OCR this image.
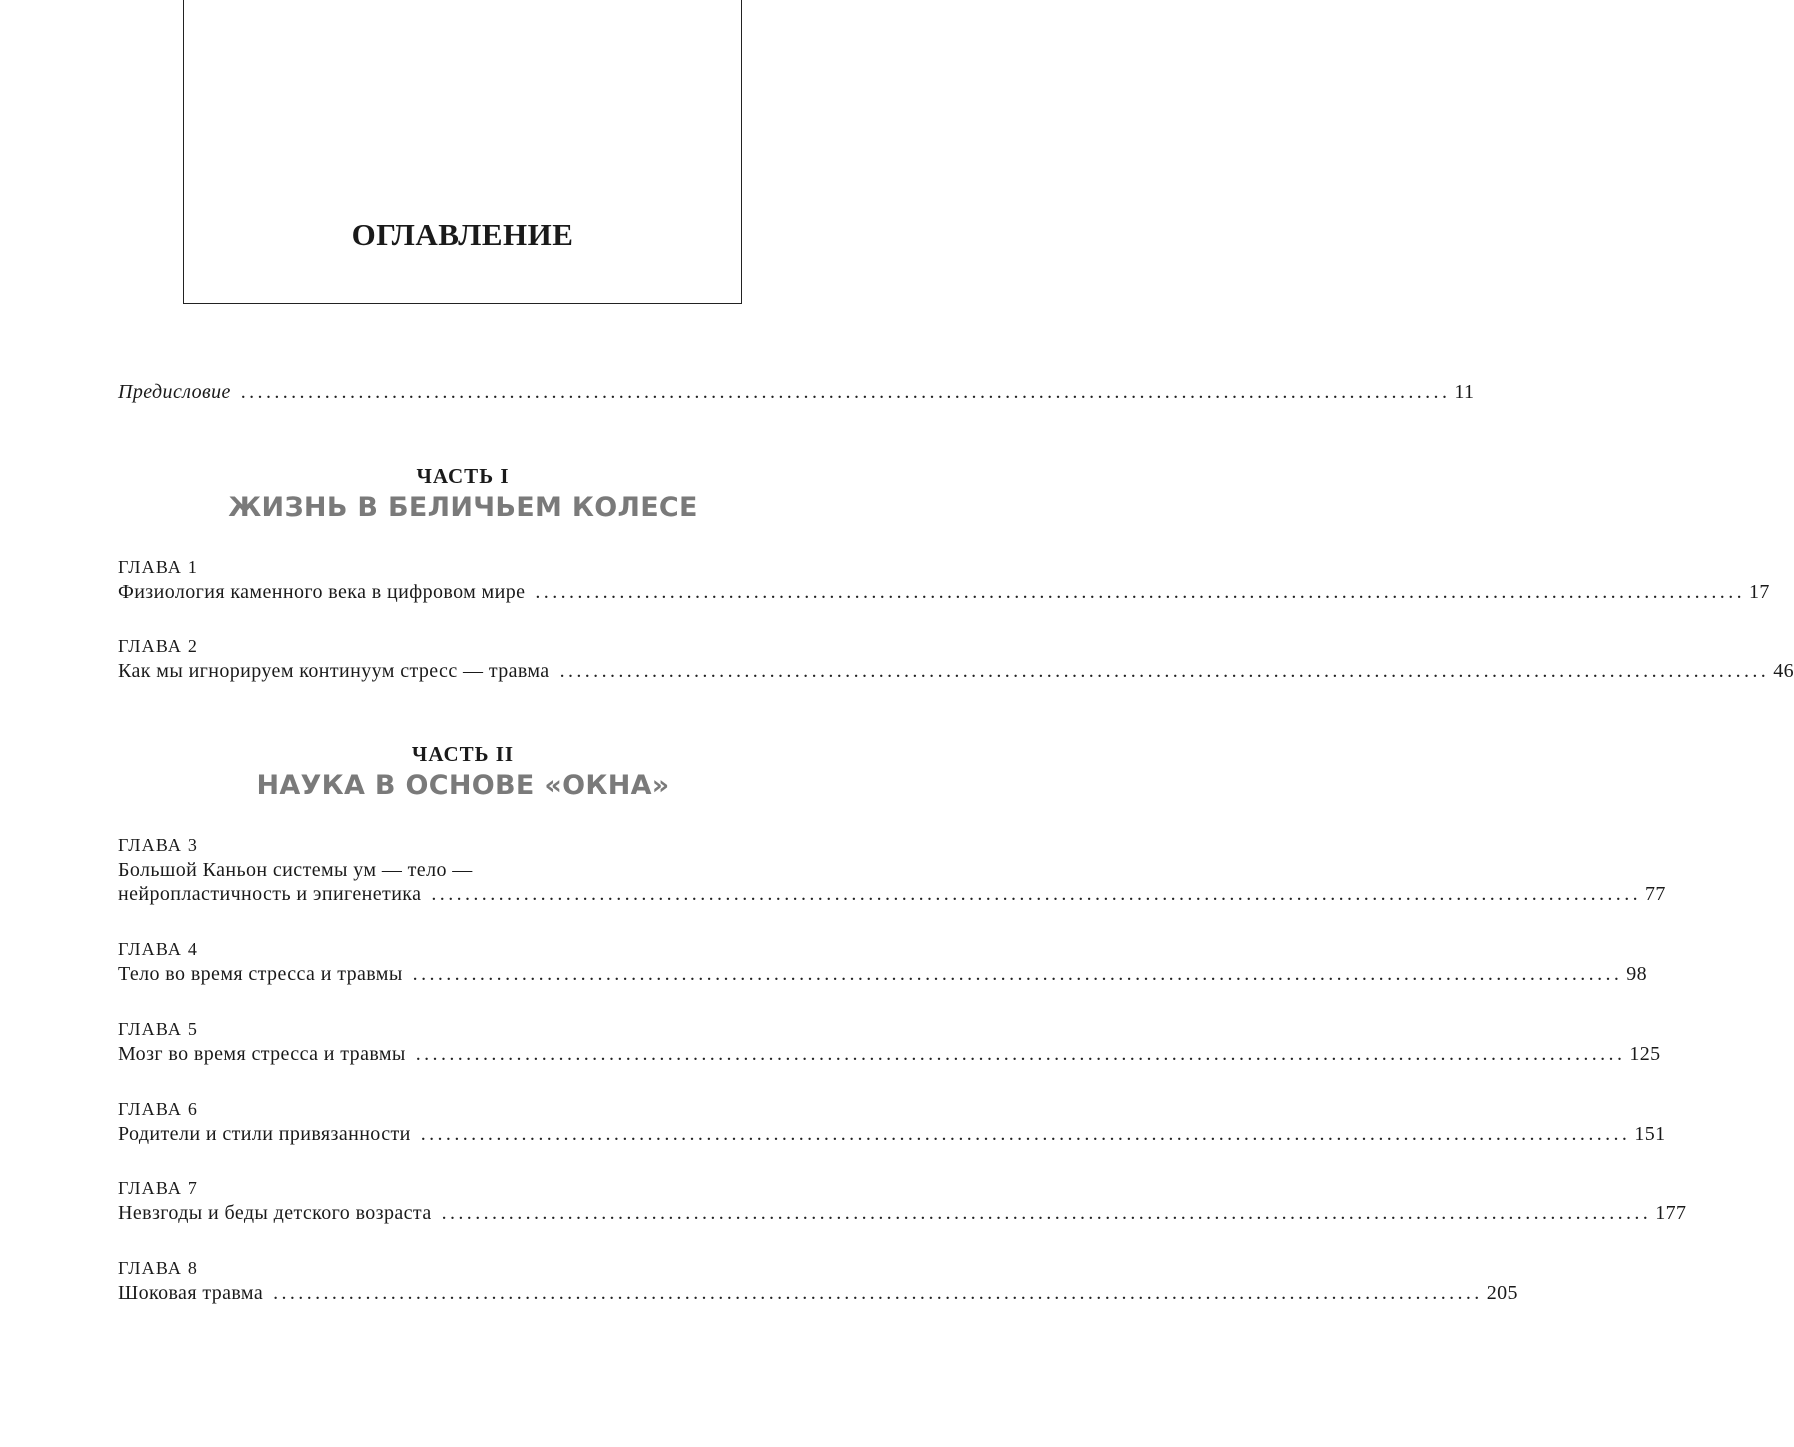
ОГЛАВЛЕНИЕ
Предисловие ................................................................................................................................................ 11
ЧАСТЬ I
ЖИЗНЬ В БЕЛИЧЬЕМ КОЛЕСЕ
ГЛАВА 1
Физиология каменного века в цифровом мире ................................................................................................................................................ 17
ГЛАВА 2
Как мы игнорируем континуум стресс — травма ................................................................................................................................................ 46
ЧАСТЬ II
НАУКА В ОСНОВЕ «ОКНА»
ГЛАВА 3
Большой Каньон системы ум — тело —
нейропластичность и эпигенетика ................................................................................................................................................ 77
ГЛАВА 4
Тело во время стресса и травмы ................................................................................................................................................ 98
ГЛАВА 5
Мозг во время стресса и травмы ................................................................................................................................................ 125
ГЛАВА 6
Родители и стили привязанности ................................................................................................................................................ 151
ГЛАВА 7
Невзгоды и беды детского возраста ................................................................................................................................................ 177
ГЛАВА 8
Шоковая травма ................................................................................................................................................ 205
